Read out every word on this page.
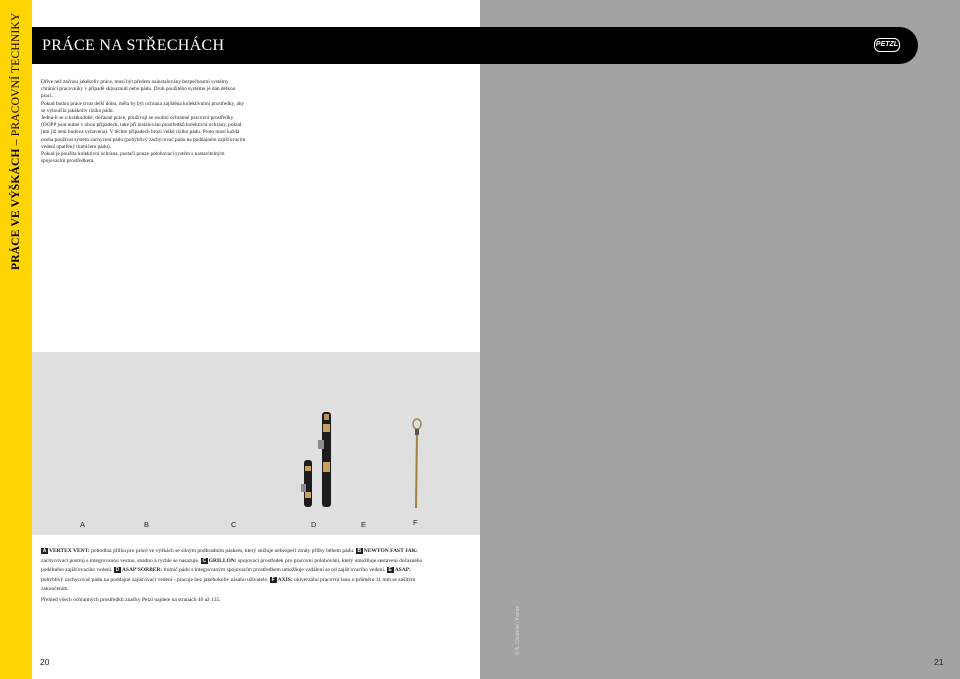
PRÁCE VE VÝŠKÁCH – PRACOVNÍ TECHNIKY	PRÁCE NA STŘECHÁCH	PETZL

Dříve než začnou jakékoliv práce, musí být předem nainstalovány bezpečnostní systémy chránící pracovníky v případě sklouznutí nebo pádu. Druh použitého systému je dán délkou prací.

Pokud budou práce trvat delší dobu, měla by být ochrana zajištěna kolektivními prostředky, aby se vyloučila jakákoliv rizika pádu.

Jedná-li se o krátkodobé, dočasné práce, používají se osobní ochranné pracovní prostředky. (OOPP jsou nutné v obou případech, také při instalování prostředků kolektivní ochrany, pokud jimi již není budova vybavena). V těchto případech hrozí velké riziko pádu. Proto musí každá osoba používat systém zachycení pádu (pohyblivý zachycovač pádu na poddajném zajišťovacím vedení opatřený tlumičem pádu).

Pokud je použita kolektivní ochrana, postačí pouze polohovací systém s nastavitelným spojovacím prostředkem.

A	B	C	D	E	F

A VERTEX VENT: pohodlná přilba pro práce ve výškách se silným podbradním páskem, který snižuje nebezpečí ztráty přilby během pádu. B NEWTON FAST JAK: zachycovací postroj s integrovanou vestou, snadno a rychle se nasazuje. C GRILLON: spojovací prostředek pro pracovní polohování, který umožňuje sestavení dočasného podélného zajišťovacího vedení. D ASAP'SORBER: tlumič pádu s integrovaným spojovacím prostředkem umožňuje vzdálení se od zajišťovacího vedení. E ASAP: pohyblivý zachycovač pádu na poddajné zajišťovací vedení - pracuje bez jakéhokoliv zásahu uživatele. F AXIS: univerzální pracovní lano o průměru 11 mm se zašitým zakončením.

Přehled všech ochranných prostředků značky Petzl najdete na stranách 40 až 135.
© A. Chiabrini / Kairos
20	21
